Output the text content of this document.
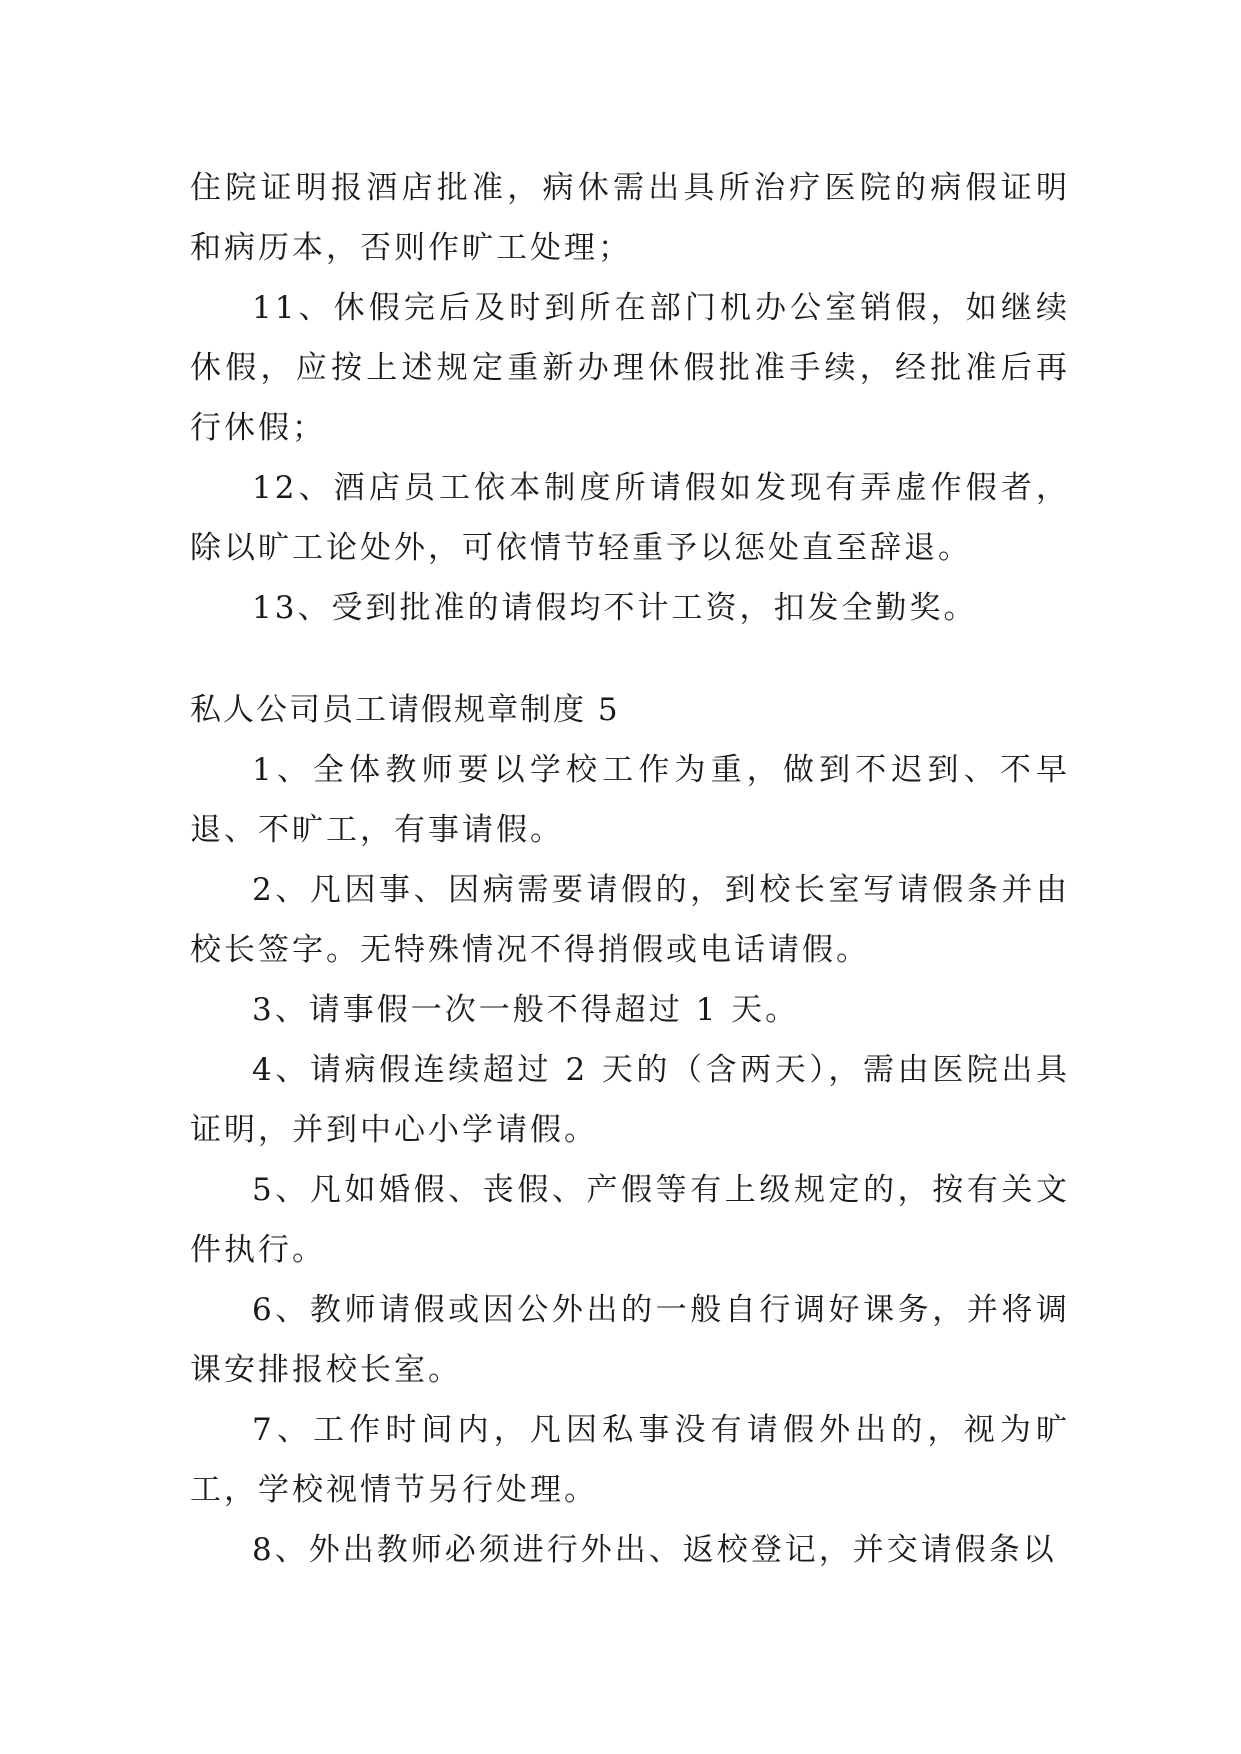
住院证明报酒店批准，病休需出具所治疗医院的病假证明和病历本，否则作旷工处理；

11、休假完后及时到所在部门机办公室销假，如继续休假，应按上述规定重新办理休假批准手续，经批准后再行休假；

12、酒店员工依本制度所请假如发现有弄虚作假者，除以旷工论处外，可依情节轻重予以惩处直至辞退。

13、受到批准的请假均不计工资，扣发全勤奖。

私人公司员工请假规章制度 5

1、全体教师要以学校工作为重，做到不迟到、不早退、不旷工，有事请假。

2、凡因事、因病需要请假的，到校长室写请假条并由校长签字。无特殊情况不得捎假或电话请假。

3、请事假一次一般不得超过 1 天。

4、请病假连续超过 2 天的（含两天），需由医院出具证明，并到中心小学请假。

5、凡如婚假、丧假、产假等有上级规定的，按有关文件执行。

6、教师请假或因公外出的一般自行调好课务，并将调课安排报校长室。

7、工作时间内，凡因私事没有请假外出的，视为旷工，学校视情节另行处理。

8、外出教师必须进行外出、返校登记，并交请假条以
